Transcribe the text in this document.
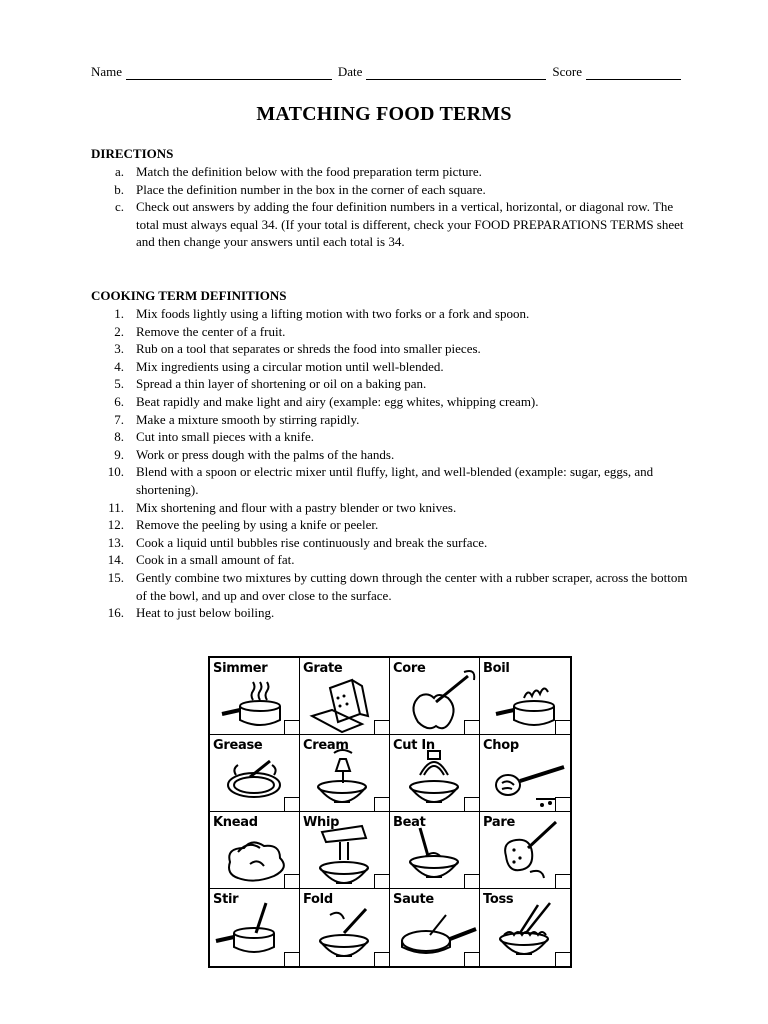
Name	Date	Score
MATCHING FOOD TERMS
DIRECTIONS
a. Match the definition below with the food preparation term picture.
b. Place the definition number in the box in the corner of each square.
c. Check out answers by adding the four definition numbers in a vertical, horizontal, or diagonal row. The total must always equal 34. (If your total is different, check your FOOD PREPARATIONS TERMS sheet and then change your answers until each total is 34.
COOKING TERM DEFINITIONS
1. Mix foods lightly using a lifting motion with two forks or a fork and spoon.
2. Remove the center of a fruit.
3. Rub on a tool that separates or shreds the food into smaller pieces.
4. Mix ingredients using a circular motion until well-blended.
5. Spread a thin layer of shortening or oil on a baking pan.
6. Beat rapidly and make light and airy (example: egg whites, whipping cream).
7. Make a mixture smooth by stirring rapidly.
8. Cut into small pieces with a knife.
9. Work or press dough with the palms of the hands.
10. Blend with a spoon or electric mixer until fluffy, light, and well-blended (example: sugar, eggs, and shortening).
11. Mix shortening and flour with a pastry blender or two knives.
12. Remove the peeling by using a knife or peeler.
13. Cook a liquid until bubbles rise continuously and break the surface.
14. Cook in a small amount of fat.
15. Gently combine two mixtures by cutting down through the center with a rubber scraper, across the bottom of the bowl, and up and over close to the surface.
16. Heat to just below boiling.
Simmer	Grate	Core	Boil
Grease	Cream	Cut In	Chop
Knead	Whip	Beat	Pare
Stir	Fold	Saute	Toss
